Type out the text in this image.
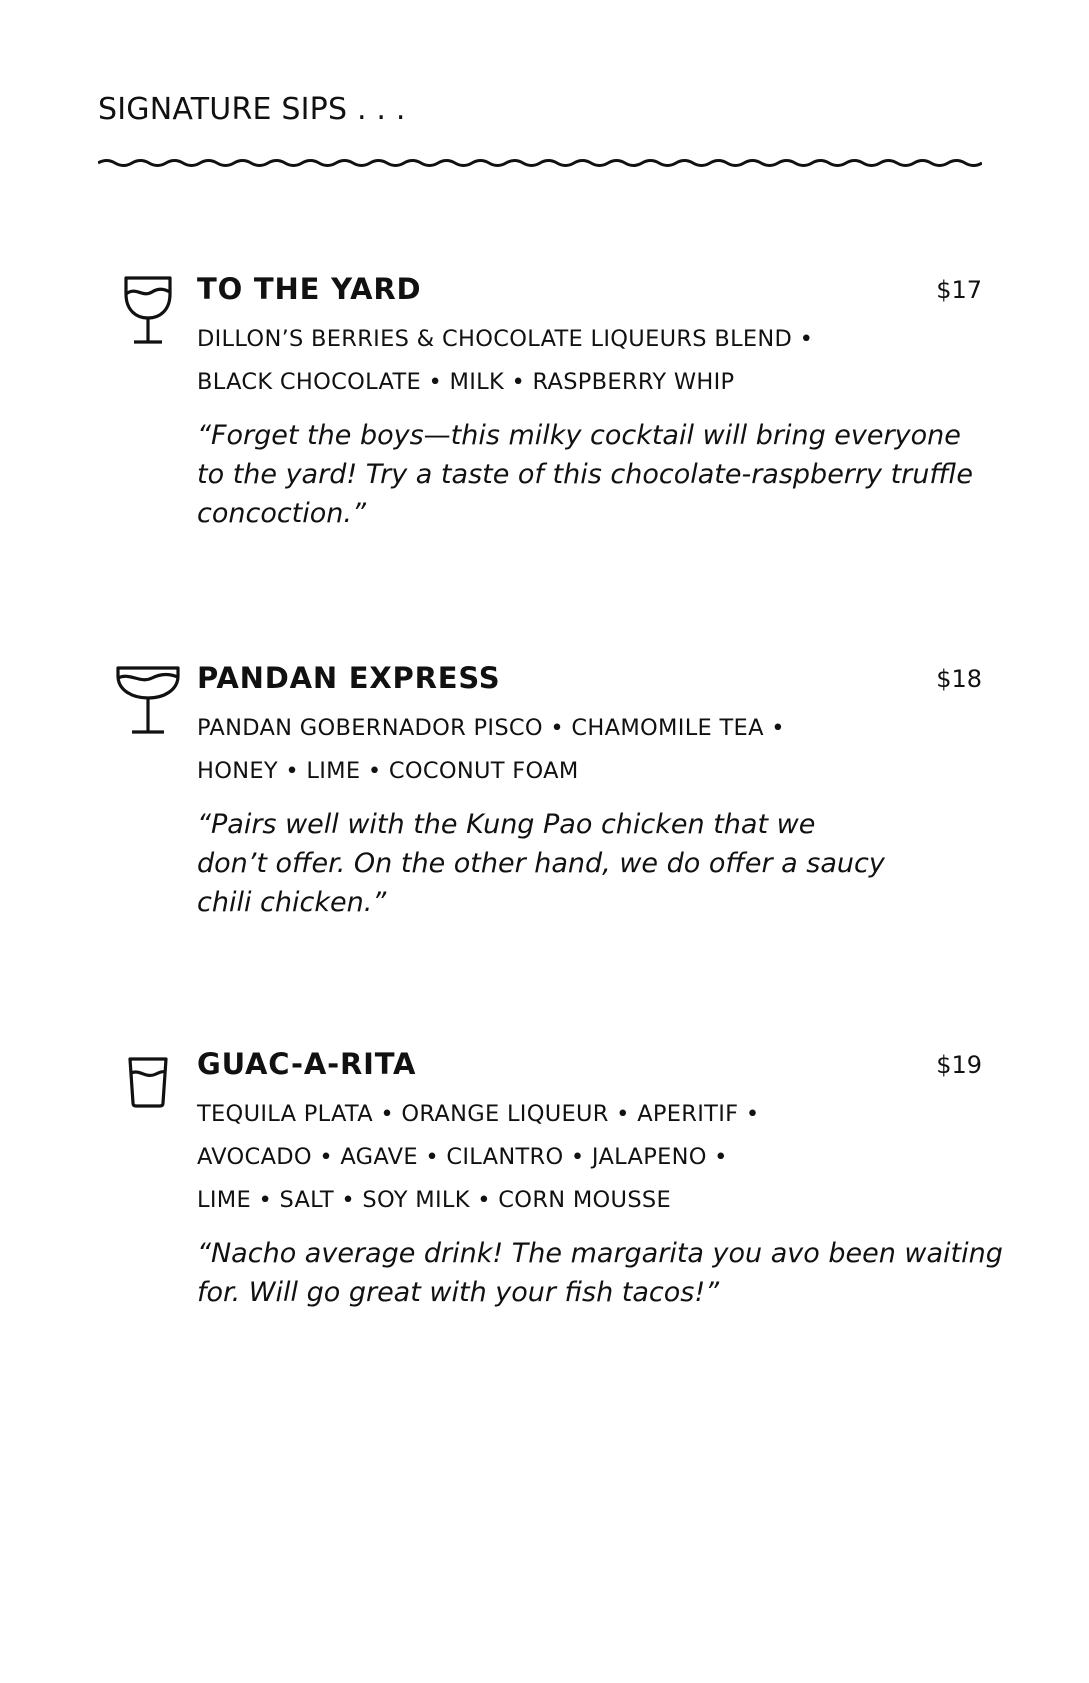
SIGNATURE SIPS . . .
TO THE YARD	$17
DILLON’S BERRIES & CHOCOLATE LIQUEURS BLEND •
BLACK CHOCOLATE • MILK • RASPBERRY WHIP
“Forget the boys—this milky cocktail will bring everyone
to the yard! Try a taste of this chocolate-raspberry truffle
concoction.”
PANDAN EXPRESS	$18
PANDAN GOBERNADOR PISCO • CHAMOMILE TEA •
HONEY • LIME • COCONUT FOAM
“Pairs well with the Kung Pao chicken that we
don’t offer. On the other hand, we do offer a saucy
chili chicken.”
GUAC-A-RITA	$19
TEQUILA PLATA • ORANGE LIQUEUR • APERITIF •
AVOCADO • AGAVE • CILANTRO • JALAPENO •
LIME • SALT • SOY MILK • CORN MOUSSE
“Nacho average drink! The margarita you avo been waiting
for. Will go great with your fish tacos!”
